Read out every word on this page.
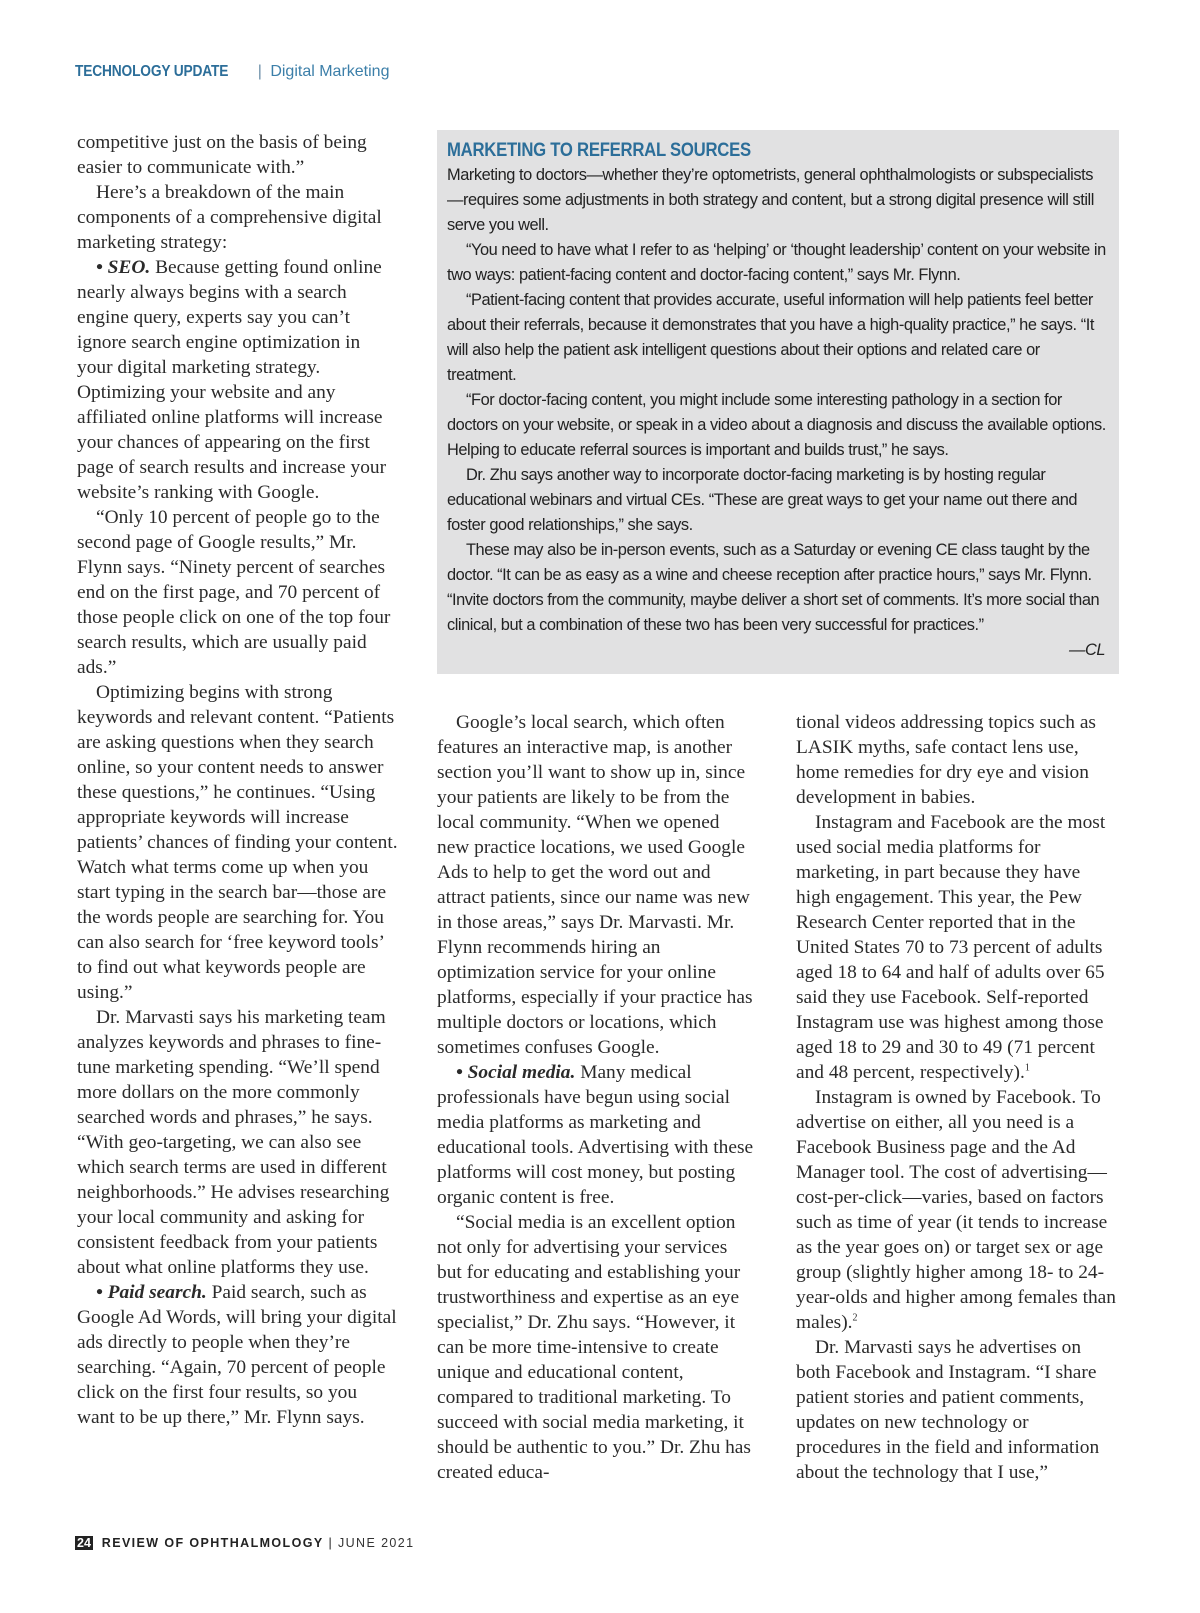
TECHNOLOGY UPDATE | Digital Marketing

competitive just on the basis of being easier to communicate with.”

Here’s a breakdown of the main components of a comprehensive digital marketing strategy:

• SEO. Because getting found online nearly always begins with a search engine query, experts say you can’t ignore search engine optimization in your digital marketing strategy. Optimizing your website and any affiliated online platforms will increase your chances of appearing on the first page of search results and increase your website’s ranking with Google.

“Only 10 percent of people go to the second page of Google results,” Mr. Flynn says. “Ninety percent of searches end on the first page, and 70 percent of those people click on one of the top four search results, which are usually paid ads.”

Optimizing begins with strong keywords and relevant content. “Patients are asking questions when they search online, so your content needs to answer these questions,” he continues. “Using appropriate keywords will increase patients’ chances of finding your content. Watch what terms come up when you start typing in the search bar—those are the words people are searching for. You can also search for ‘free keyword tools’ to find out what keywords people are using.”

Dr. Marvasti says his marketing team analyzes keywords and phrases to fine-tune marketing spending. “We’ll spend more dollars on the more commonly searched words and phrases,” he says. “With geo-targeting, we can also see which search terms are used in different neighborhoods.” He advises researching your local community and asking for consistent feedback from your patients about what online platforms they use.

• Paid search. Paid search, such as Google Ad Words, will bring your digital ads directly to people when they’re searching. “Again, 70 percent of people click on the first four results, so you want to be up there,” Mr. Flynn says.

MARKETING TO REFERRAL SOURCES

Marketing to doctors—whether they’re optometrists, general ophthalmologists or subspecialists—requires some adjustments in both strategy and content, but a strong digital presence will still serve you well.

“You need to have what I refer to as ‘helping’ or ‘thought leadership’ content on your website in two ways: patient-facing content and doctor-facing content,” says Mr. Flynn.

“Patient-facing content that provides accurate, useful information will help patients feel better about their referrals, because it demonstrates that you have a high-quality practice,” he says. “It will also help the patient ask intelligent questions about their options and related care or treatment.

“For doctor-facing content, you might include some interesting pathology in a section for doctors on your website, or speak in a video about a diagnosis and discuss the available options. Helping to educate referral sources is important and builds trust,” he says.

Dr. Zhu says another way to incorporate doctor-facing marketing is by hosting regular educational webinars and virtual CEs. “These are great ways to get your name out there and foster good relationships,” she says.

These may also be in-person events, such as a Saturday or evening CE class taught by the doctor. “It can be as easy as a wine and cheese reception after practice hours,” says Mr. Flynn. “Invite doctors from the community, maybe deliver a short set of comments. It’s more social than clinical, but a combination of these two has been very successful for practices.”

—CL

Google’s local search, which often features an interactive map, is another section you’ll want to show up in, since your patients are likely to be from the local community. “When we opened new practice locations, we used Google Ads to help to get the word out and attract patients, since our name was new in those areas,” says Dr. Marvasti. Mr. Flynn recommends hiring an optimization service for your online platforms, especially if your practice has multiple doctors or locations, which sometimes confuses Google.

• Social media. Many medical professionals have begun using social media platforms as marketing and educational tools. Advertising with these platforms will cost money, but posting organic content is free.

“Social media is an excellent option not only for advertising your services but for educating and establishing your trustworthiness and expertise as an eye specialist,” Dr. Zhu says. “However, it can be more time-intensive to create unique and educational content, compared to traditional marketing. To succeed with social media marketing, it should be authentic to you.” Dr. Zhu has created educa-

tional videos addressing topics such as LASIK myths, safe contact lens use, home remedies for dry eye and vision development in babies.

Instagram and Facebook are the most used social media platforms for marketing, in part because they have high engagement. This year, the Pew Research Center reported that in the United States 70 to 73 percent of adults aged 18 to 64 and half of adults over 65 said they use Facebook. Self-reported Instagram use was highest among those aged 18 to 29 and 30 to 49 (71 percent and 48 percent, respectively).$^1$

Instagram is owned by Facebook. To advertise on either, all you need is a Facebook Business page and the Ad Manager tool. The cost of advertising—cost-per-click—varies, based on factors such as time of year (it tends to increase as the year goes on) or target sex or age group (slightly higher among 18- to 24-year-olds and higher among females than males).$^2$

Dr. Marvasti says he advertises on both Facebook and Instagram. “I share patient stories and patient comments, updates on new technology or procedures in the field and information about the technology that I use,”

24 REVIEW OF OPHTHALMOLOGY | JUNE 2021
